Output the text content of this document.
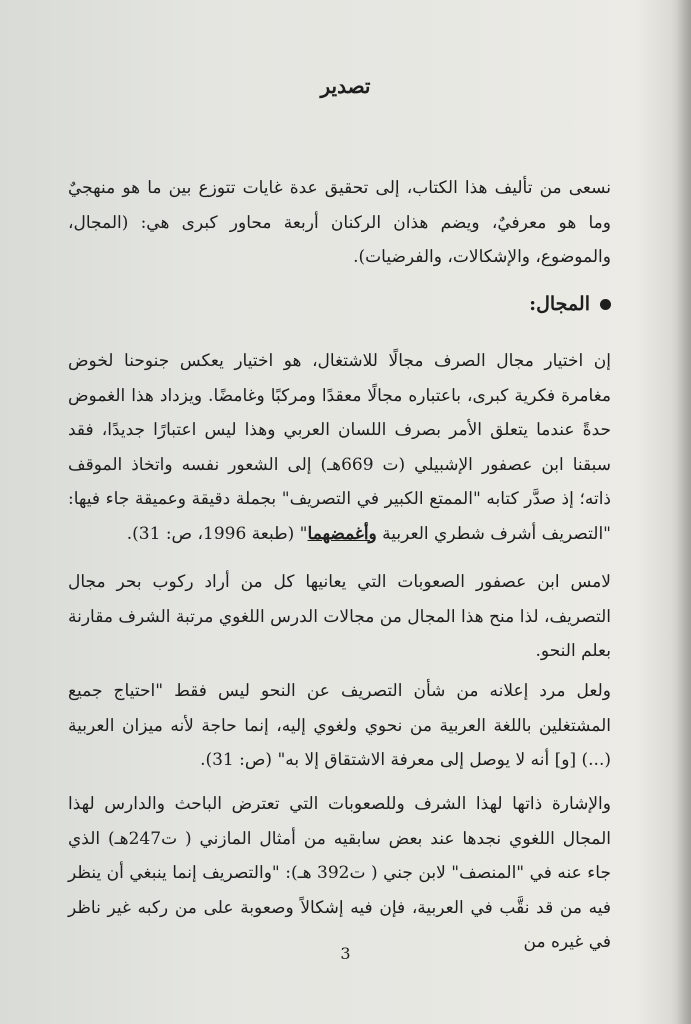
تصدير

نسعى من تأليف هذا الكتاب، إلى تحقيق عدة غايات تتوزع بين ما هو منهجيٌ وما هو معرفيٌ، ويضم هذان الركنان أربعة محاور كبرى هي: (المجال، والموضوع، والإشكالات، والفرضيات).

المجال:

إن اختيار مجال الصرف مجالًا للاشتغال، هو اختيار يعكس جنوحنا لخوض مغامرة فكرية كبرى، باعتباره مجالًا معقدًا ومركبًا وغامضًا. ويزداد هذا الغموض حدةً عندما يتعلق الأمر بصرف اللسان العربي وهذا ليس اعتبارًا جديدًا، فقد سبقنا ابن عصفور الإشبيلي (ت 669هـ) إلى الشعور نفسه واتخاذ الموقف ذاته؛ إذ صدَّر كتابه "الممتع الكبير في التصريف" بجملة دقيقة وعميقة جاء فيها: "التصريف أشرف شطري العربية وأغمضهما" (طبعة 1996، ص: 31).

لامس ابن عصفور الصعوبات التي يعانيها كل من أراد ركوب بحر مجال التصريف، لذا منح هذا المجال من مجالات الدرس اللغوي مرتبة الشرف مقارنة بعلم النحو.

ولعل مرد إعلانه من شأن التصريف عن النحو ليس فقط "احتياج جميع المشتغلين باللغة العربية من نحوي ولغوي إليه، إنما حاجة لأنه ميزان العربية (...) [و] أنه لا يوصل إلى معرفة الاشتقاق إلا به" (ص: 31).

والإشارة ذاتها لهذا الشرف وللصعوبات التي تعترض الباحث والدارس لهذا المجال اللغوي نجدها عند بعض سابقيه من أمثال المازني ( ت247هـ) الذي جاء عنه في "المنصف" لابن جني ( ت392 هـ): "والتصريف إنما ينبغي أن ينظر فيه من قد نقَّب في العربية، فإن فيه إشكالاً وصعوبة على من ركبه غير ناظر في غيره من

3
